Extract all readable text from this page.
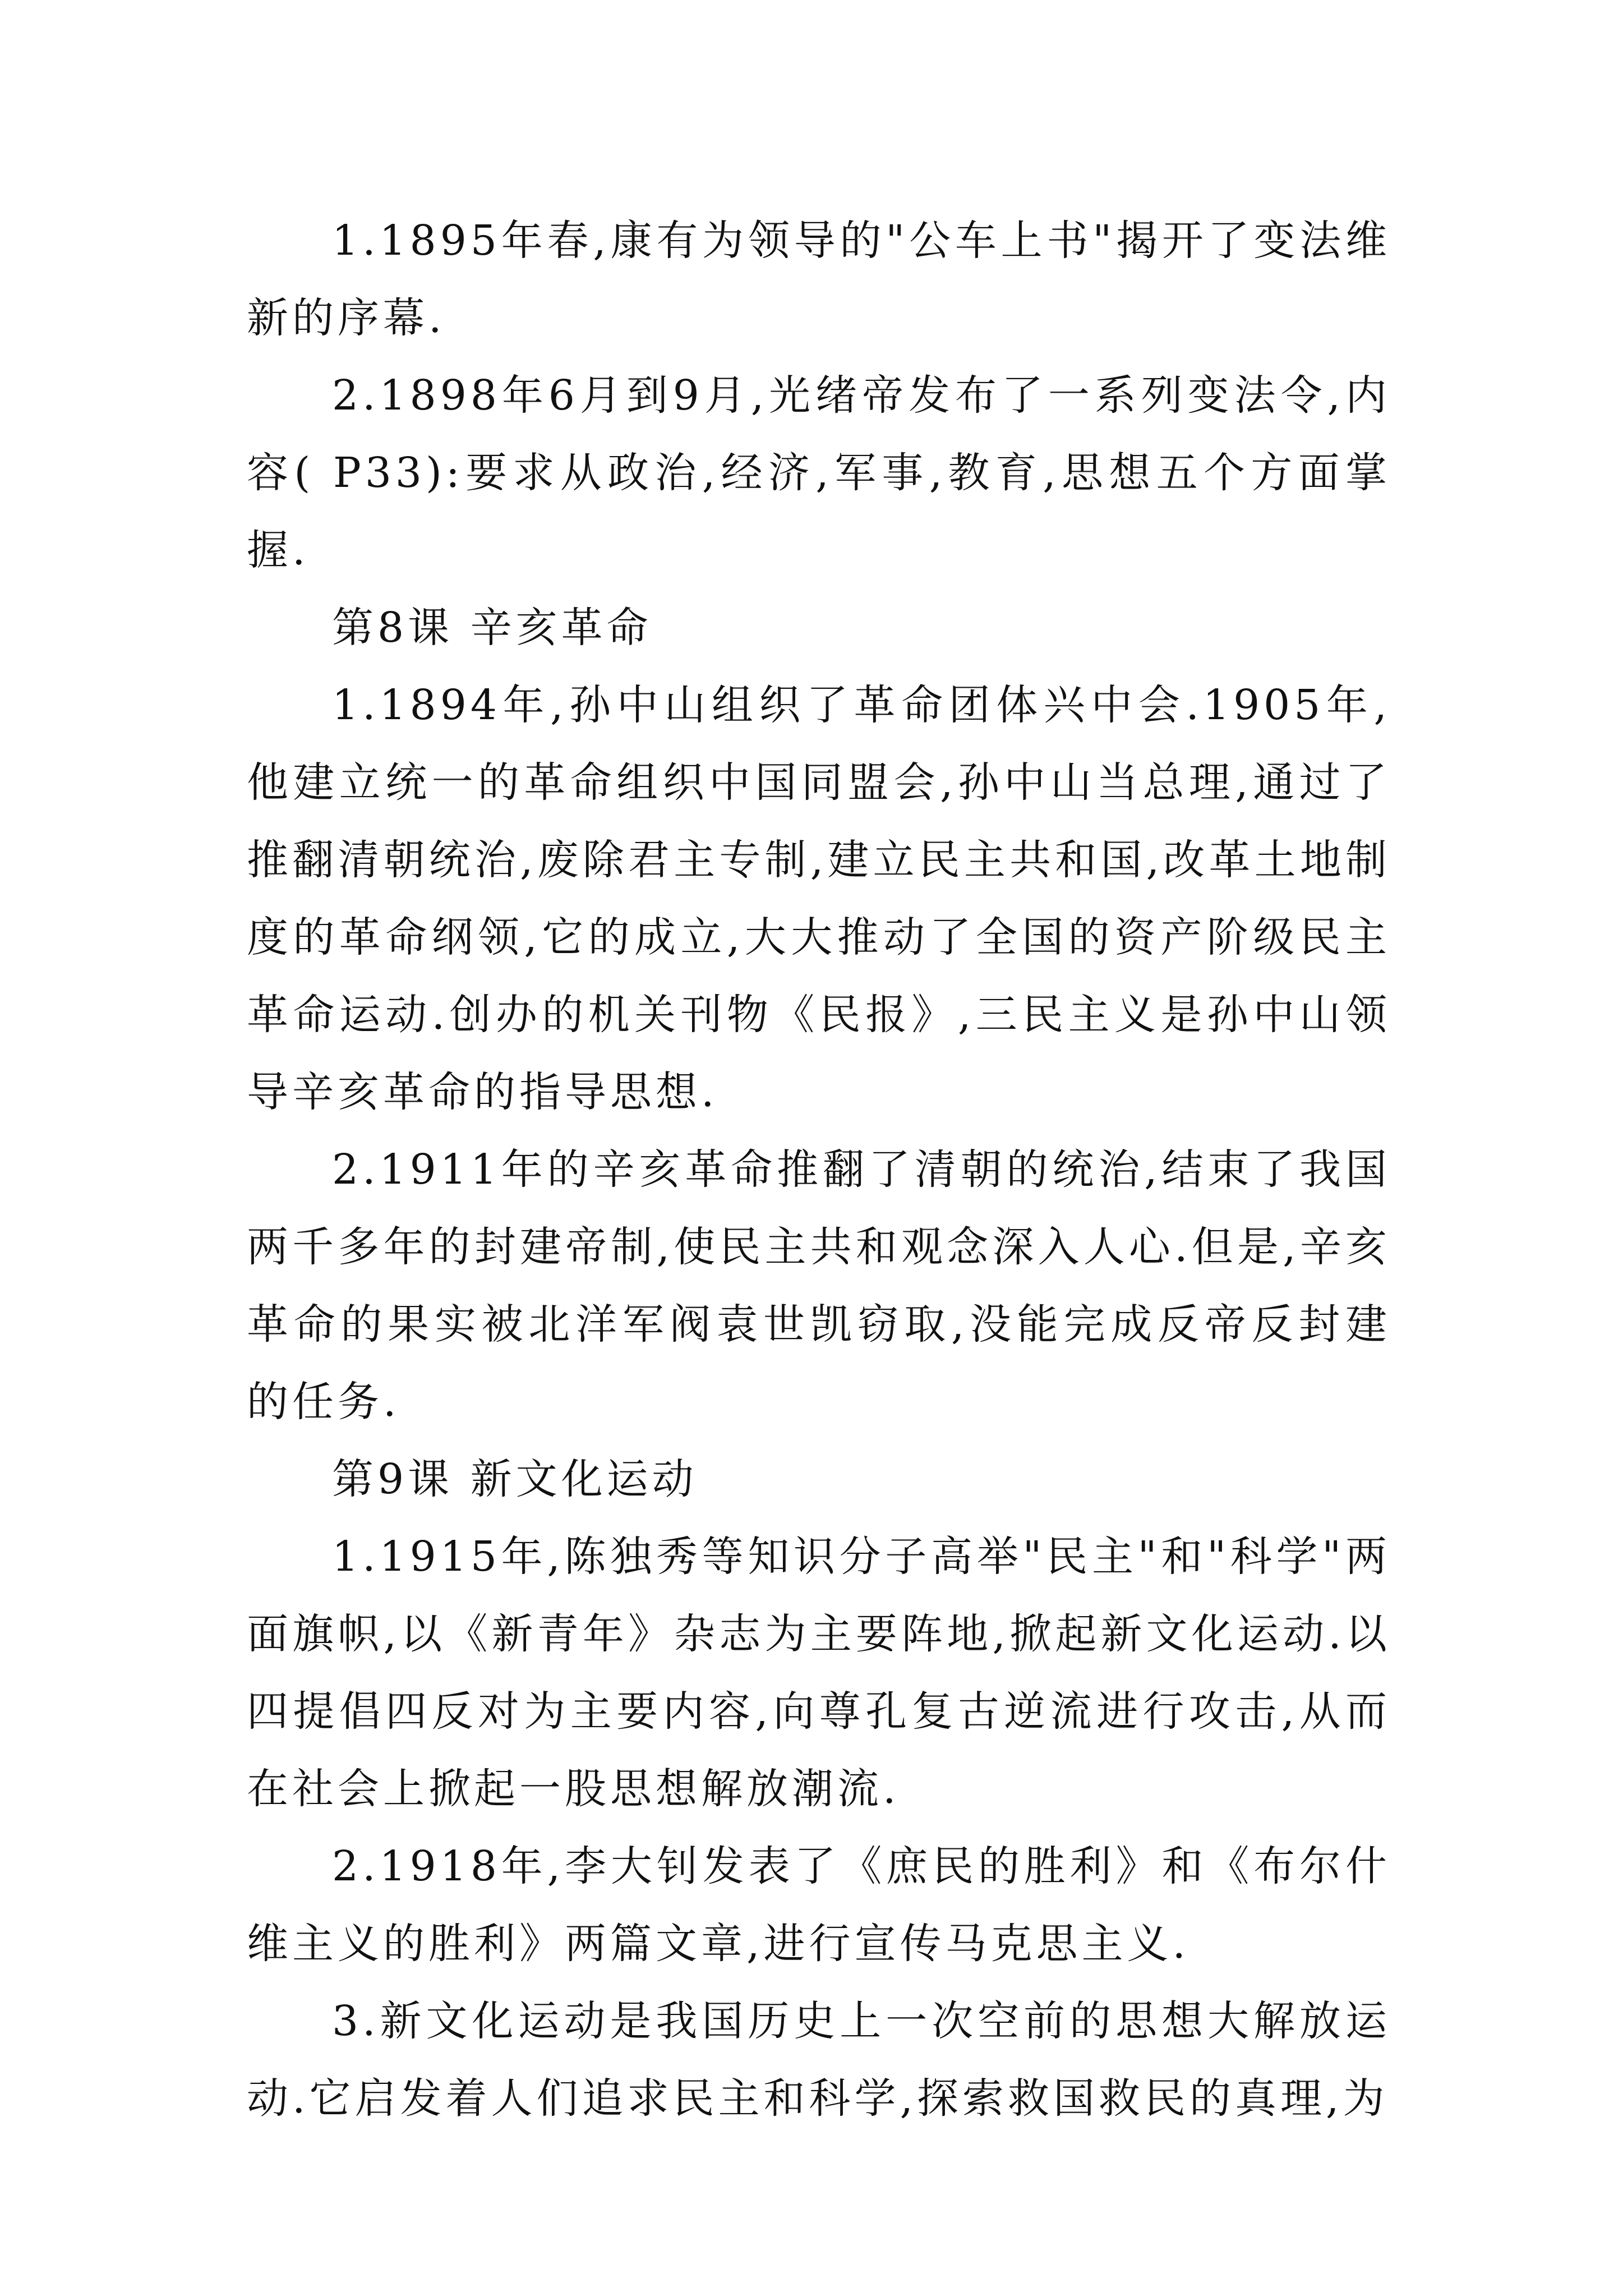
1.1895年春,康有为领导的"公车上书"揭开了变法维新的序幕.

2.1898年6月到9月,光绪帝发布了一系列变法令,内容( P33):要求从政治,经济,军事,教育,思想五个方面掌握.

第8课 辛亥革命

1.1894年,孙中山组织了革命团体兴中会.1905年,他建立统一的革命组织中国同盟会,孙中山当总理,通过了推翻清朝统治,废除君主专制,建立民主共和国,改革土地制度的革命纲领,它的成立,大大推动了全国的资产阶级民主革命运动.创办的机关刊物《民报》,三民主义是孙中山领导辛亥革命的指导思想.

2.1911年的辛亥革命推翻了清朝的统治,结束了我国两千多年的封建帝制,使民主共和观念深入人心.但是,辛亥革命的果实被北洋军阀袁世凯窃取,没能完成反帝反封建的任务.

第9课 新文化运动

1.1915年,陈独秀等知识分子高举"民主"和"科学"两面旗帜,以《新青年》杂志为主要阵地,掀起新文化运动.以四提倡四反对为主要内容,向尊孔复古逆流进行攻击,从而在社会上掀起一股思想解放潮流.

2.1918年,李大钊发表了《庶民的胜利》和《布尔什维主义的胜利》两篇文章,进行宣传马克思主义.

3.新文化运动是我国历史上一次空前的思想大解放运动.它启发着人们追求民主和科学,探索救国救民的真理,为
